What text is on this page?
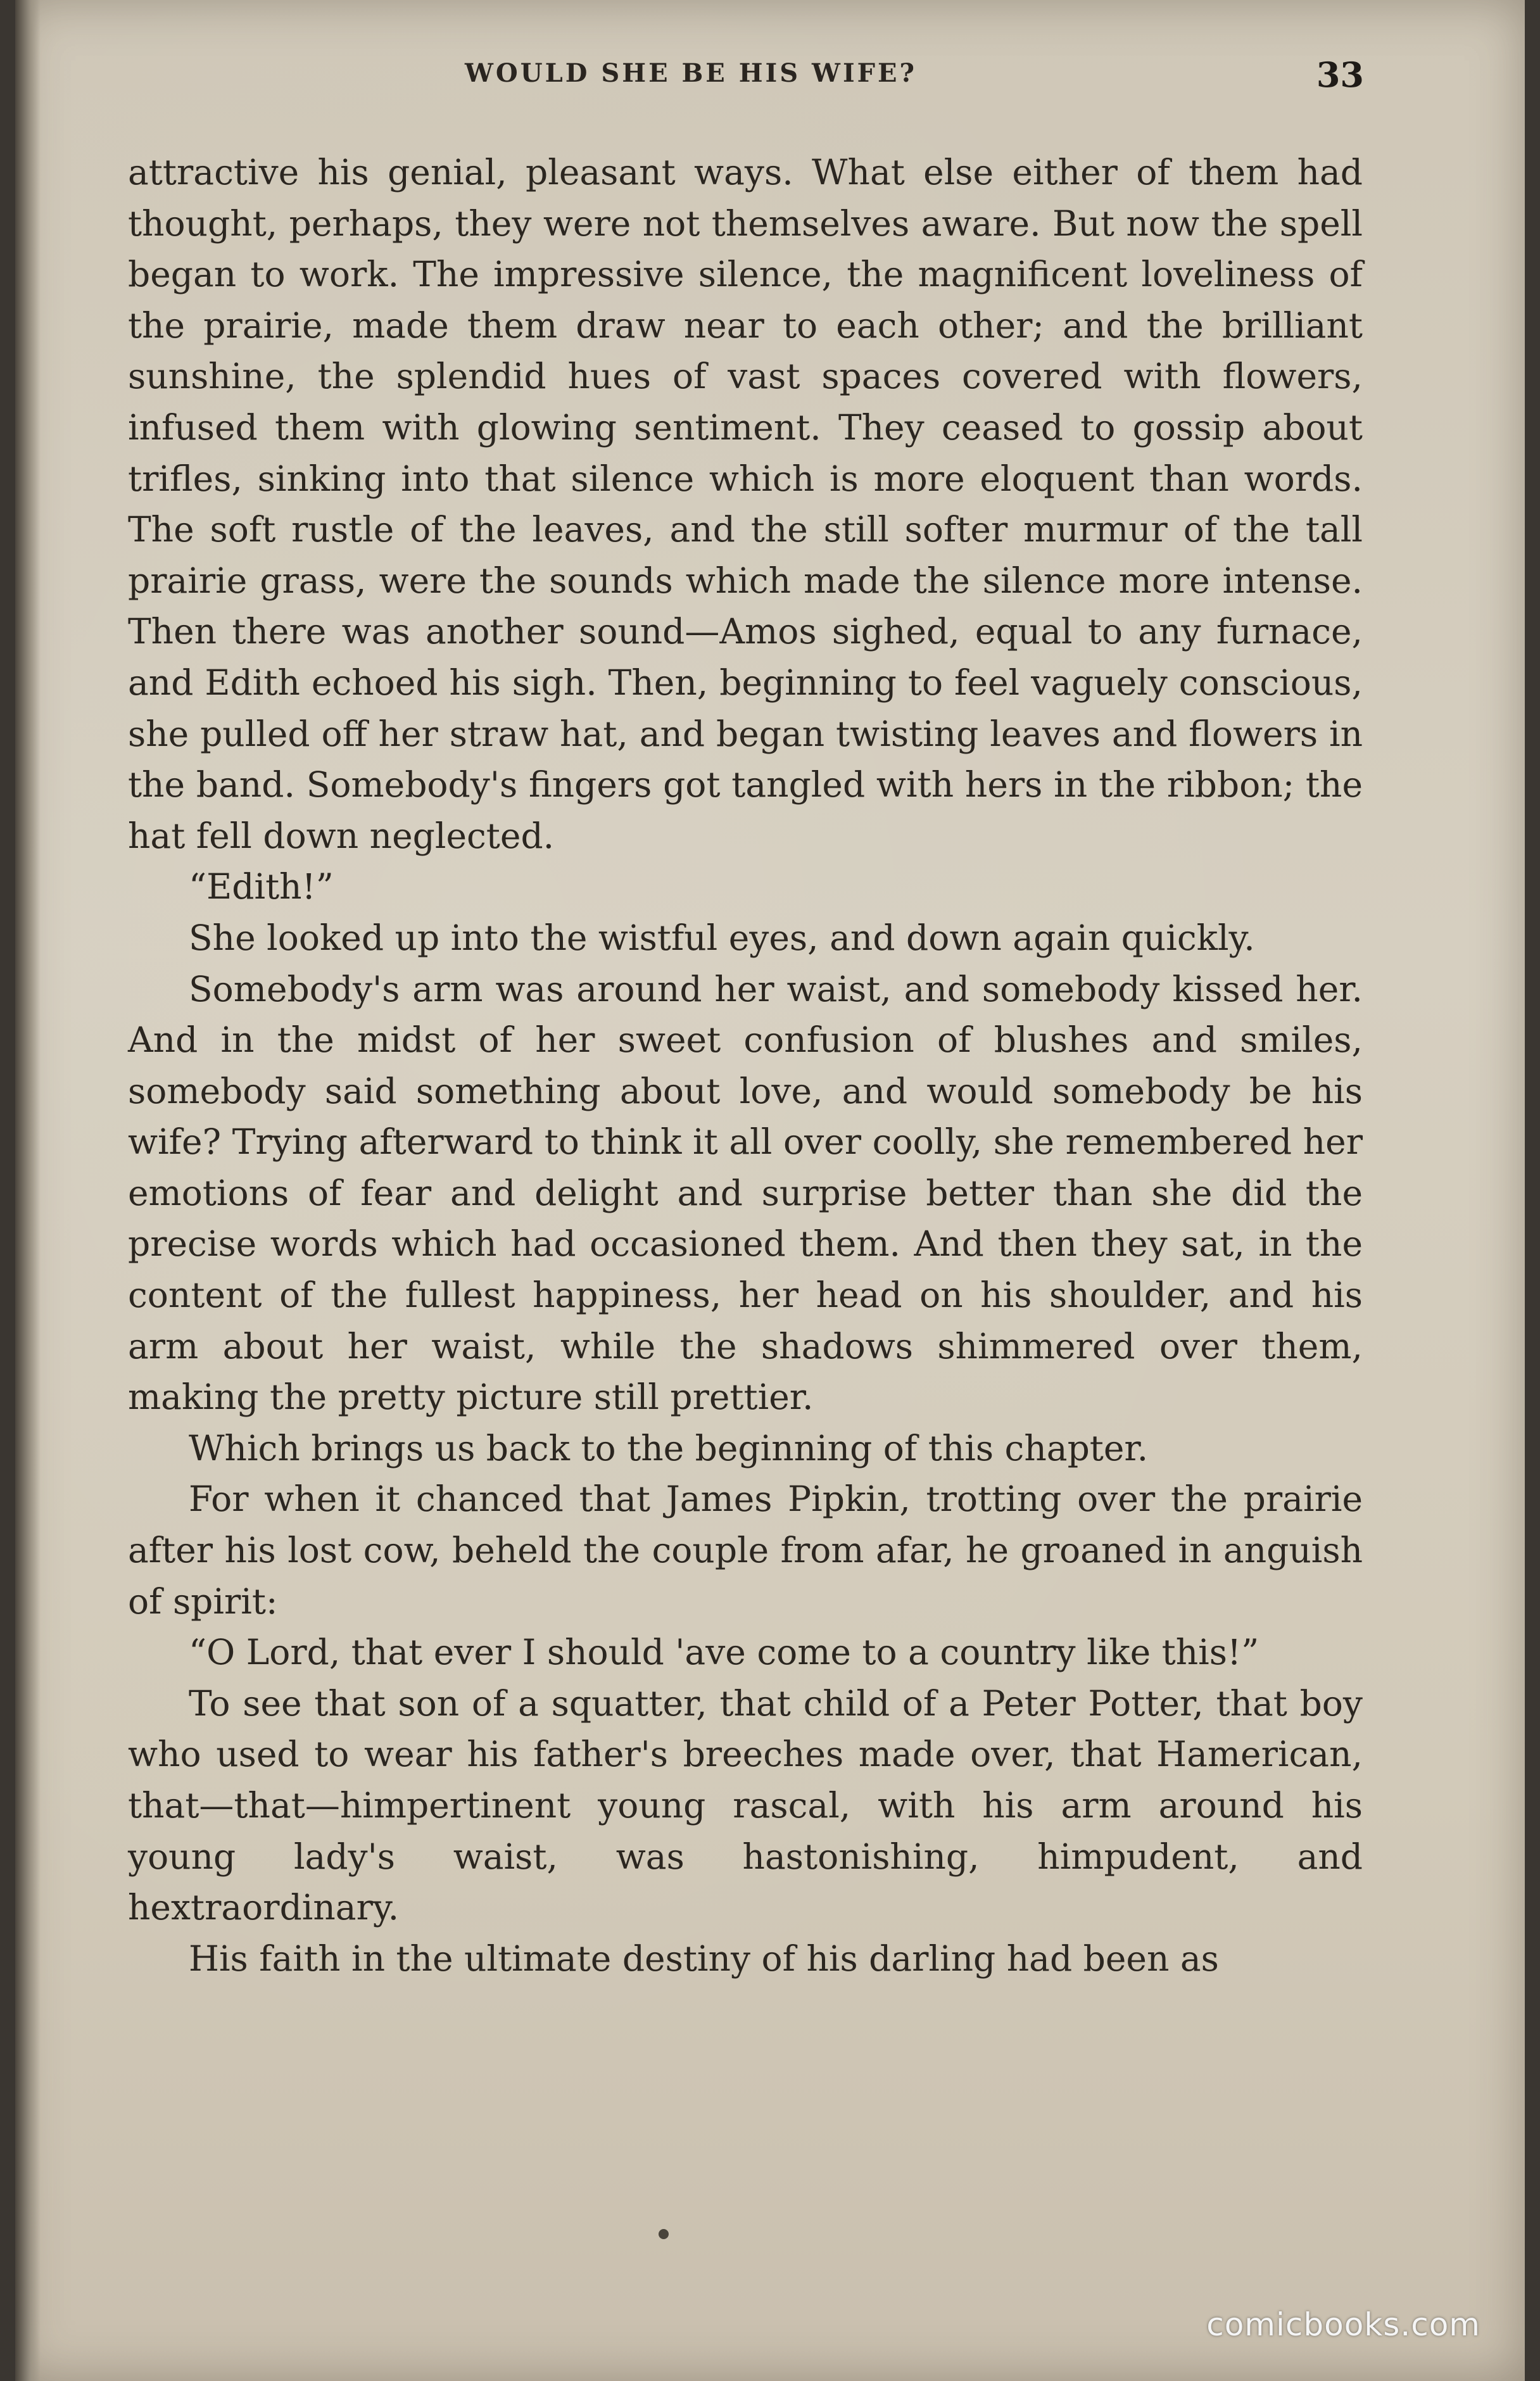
WOULD SHE BE HIS WIFE?	33

attractive his genial, pleasant ways. What else either of them had thought, perhaps, they were not themselves aware. But now the spell began to work. The impressive silence, the magnificent loveliness of the prairie, made them draw near to each other; and the brilliant sunshine, the splendid hues of vast spaces covered with flowers, infused them with glowing sentiment. They ceased to gossip about trifles, sinking into that silence which is more eloquent than words. The soft rustle of the leaves, and the still softer murmur of the tall prairie grass, were the sounds which made the silence more intense. Then there was another sound—Amos sighed, equal to any furnace, and Edith echoed his sigh. Then, beginning to feel vaguely conscious, she pulled off her straw hat, and began twisting leaves and flowers in the band. Somebody's fingers got tangled with hers in the ribbon; the hat fell down neglected.

“Edith!”

She looked up into the wistful eyes, and down again quickly.

Somebody's arm was around her waist, and somebody kissed her. And in the midst of her sweet confusion of blushes and smiles, somebody said something about love, and would somebody be his wife? Trying afterward to think it all over coolly, she remembered her emotions of fear and delight and surprise better than she did the precise words which had occasioned them. And then they sat, in the content of the fullest happiness, her head on his shoulder, and his arm about her waist, while the shadows shimmered over them, making the pretty picture still prettier.

Which brings us back to the beginning of this chapter.

For when it chanced that James Pipkin, trotting over the prairie after his lost cow, beheld the couple from afar, he groaned in anguish of spirit:

“O Lord, that ever I should 'ave come to a country like this!”

To see that son of a squatter, that child of a Peter Potter, that boy who used to wear his father's breeches made over, that Hamerican, that—that—himpertinent young rascal, with his arm around his young lady's waist, was hastonishing, himpudent, and hextraordinary.

His faith in the ultimate destiny of his darling had been as

comicbooks.com
